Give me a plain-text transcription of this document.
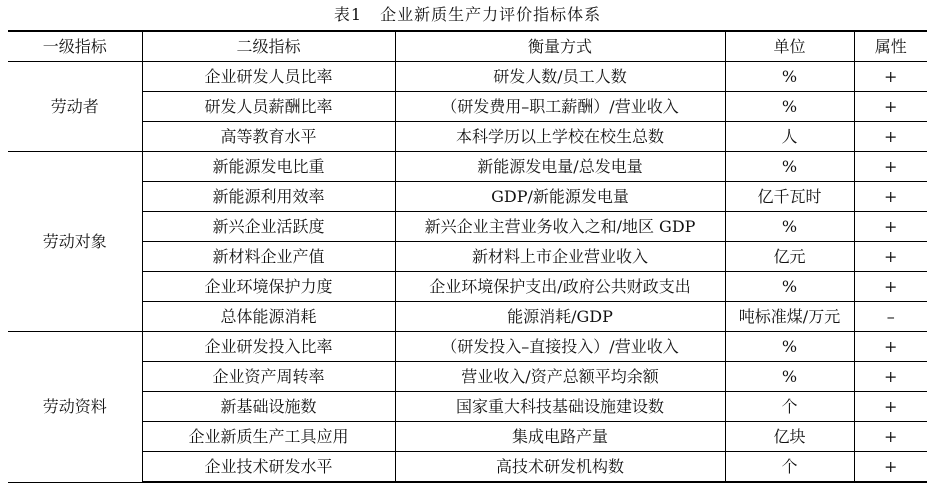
表1 企业新质生产力评价指标体系
一级指标	二级指标	衡量方式	单位	属性
劳动者	企业研发人员比率	研发人数/员工人数	%	+
	研发人员薪酬比率	（研发费用–职工薪酬）/营业收入	%	+
	高等教育水平	本科学历以上学校在校生总数	人	+
劳动对象	新能源发电比重	新能源发电量/总发电量	%	+
	新能源利用效率	GDP/新能源发电量	亿千瓦时	+
	新兴企业活跃度	新兴企业主营业务收入之和/地区 GDP	%	+
	新材料企业产值	新材料上市企业营业收入	亿元	+
	企业环境保护力度	企业环境保护支出/政府公共财政支出	%	+
	总体能源消耗	能源消耗/GDP	吨标准煤/万元	–
劳动资料	企业研发投入比率	（研发投入–直接投入）/营业收入	%	+
	企业资产周转率	营业收入/资产总额平均余额	%	+
	新基础设施数	国家重大科技基础设施建设数	个	+
	企业新质生产工具应用	集成电路产量	亿块	+
	企业技术研发水平	高技术研发机构数	个	+
